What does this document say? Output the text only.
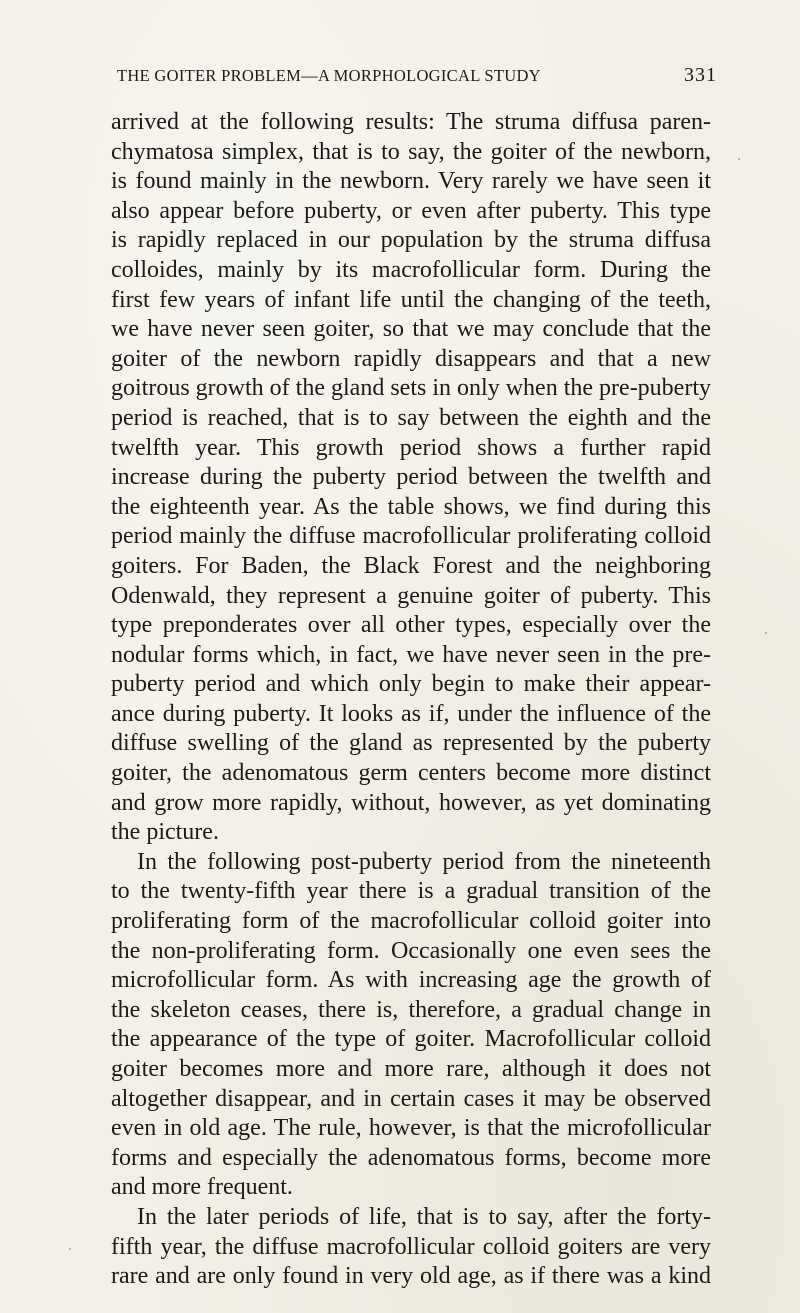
THE GOITER PROBLEM—A MORPHOLOGICAL STUDY	331
arrived at the following results: The struma diffusa paren-
chymatosa simplex, that is to say, the goiter of the newborn,
is found mainly in the newborn. Very rarely we have seen it
also appear before puberty, or even after puberty. This type
is rapidly replaced in our population by the struma diffusa
colloides, mainly by its macrofollicular form. During the
first few years of infant life until the changing of the teeth,
we have never seen goiter, so that we may conclude that the
goiter of the newborn rapidly disappears and that a new
goitrous growth of the gland sets in only when the pre-puberty
period is reached, that is to say between the eighth and the
twelfth year. This growth period shows a further rapid
increase during the puberty period between the twelfth and
the eighteenth year. As the table shows, we find during this
period mainly the diffuse macrofollicular proliferating colloid
goiters. For Baden, the Black Forest and the neighboring
Odenwald, they represent a genuine goiter of puberty. This
type preponderates over all other types, especially over the
nodular forms which, in fact, we have never seen in the pre-
puberty period and which only begin to make their appear-
ance during puberty. It looks as if, under the influence of the
diffuse swelling of the gland as represented by the puberty
goiter, the adenomatous germ centers become more distinct
and grow more rapidly, without, however, as yet dominating
the picture.
In the following post-puberty period from the nineteenth
to the twenty-fifth year there is a gradual transition of the
proliferating form of the macrofollicular colloid goiter into
the non-proliferating form. Occasionally one even sees the
microfollicular form. As with increasing age the growth of
the skeleton ceases, there is, therefore, a gradual change in
the appearance of the type of goiter. Macrofollicular colloid
goiter becomes more and more rare, although it does not
altogether disappear, and in certain cases it may be observed
even in old age. The rule, however, is that the microfollicular
forms and especially the adenomatous forms, become more
and more frequent.
In the later periods of life, that is to say, after the forty-
fifth year, the diffuse macrofollicular colloid goiters are very
rare and are only found in very old age, as if there was a kind
